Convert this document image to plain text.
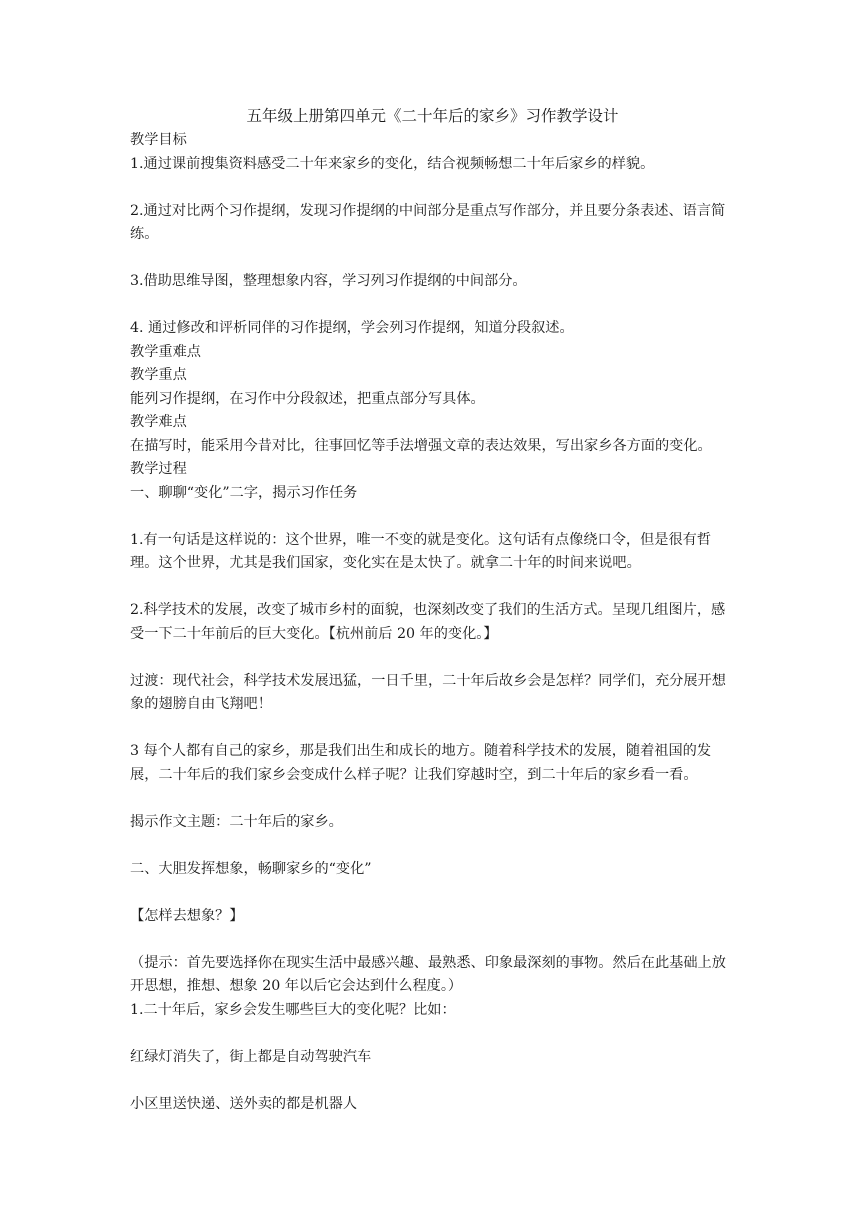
五年级上册第四单元《二十年后的家乡》习作教学设计

教学目标

1.通过课前搜集资料感受二十年来家乡的变化，结合视频畅想二十年后家乡的样貌。

2.通过对比两个习作提纲，发现习作提纲的中间部分是重点写作部分，并且要分条表述、语言简练。

3.借助思维导图，整理想象内容，学习列习作提纲的中间部分。

4. 通过修改和评析同伴的习作提纲，学会列习作提纲，知道分段叙述。

教学重难点

教学重点

能列习作提纲，在习作中分段叙述，把重点部分写具体。

教学难点

在描写时，能采用今昔对比，往事回忆等手法增强文章的表达效果，写出家乡各方面的变化。

教学过程

一、聊聊“变化”二字，揭示习作任务

1.有一句话是这样说的：这个世界，唯一不变的就是变化。这句话有点像绕口令，但是很有哲理。这个世界，尤其是我们国家，变化实在是太快了。就拿二十年的时间来说吧。

2.科学技术的发展，改变了城市乡村的面貌，也深刻改变了我们的生活方式。呈现几组图片，感受一下二十年前后的巨大变化。【杭州前后 20 年的变化。】

过渡：现代社会，科学技术发展迅猛，一日千里，二十年后故乡会是怎样？同学们，充分展开想象的翅膀自由飞翔吧！

3 每个人都有自己的家乡，那是我们出生和成长的地方。随着科学技术的发展，随着祖国的发展，二十年后的我们家乡会变成什么样子呢？让我们穿越时空，到二十年后的家乡看一看。

揭示作文主题：二十年后的家乡。

二、大胆发挥想象，畅聊家乡的“变化”

【怎样去想象？】

（提示：首先要选择你在现实生活中最感兴趣、最熟悉、印象最深刻的事物。然后在此基础上放开思想，推想、想象 20 年以后它会达到什么程度。）

1.二十年后，家乡会发生哪些巨大的变化呢？比如：

红绿灯消失了，街上都是自动驾驶汽车

小区里送快递、送外卖的都是机器人
